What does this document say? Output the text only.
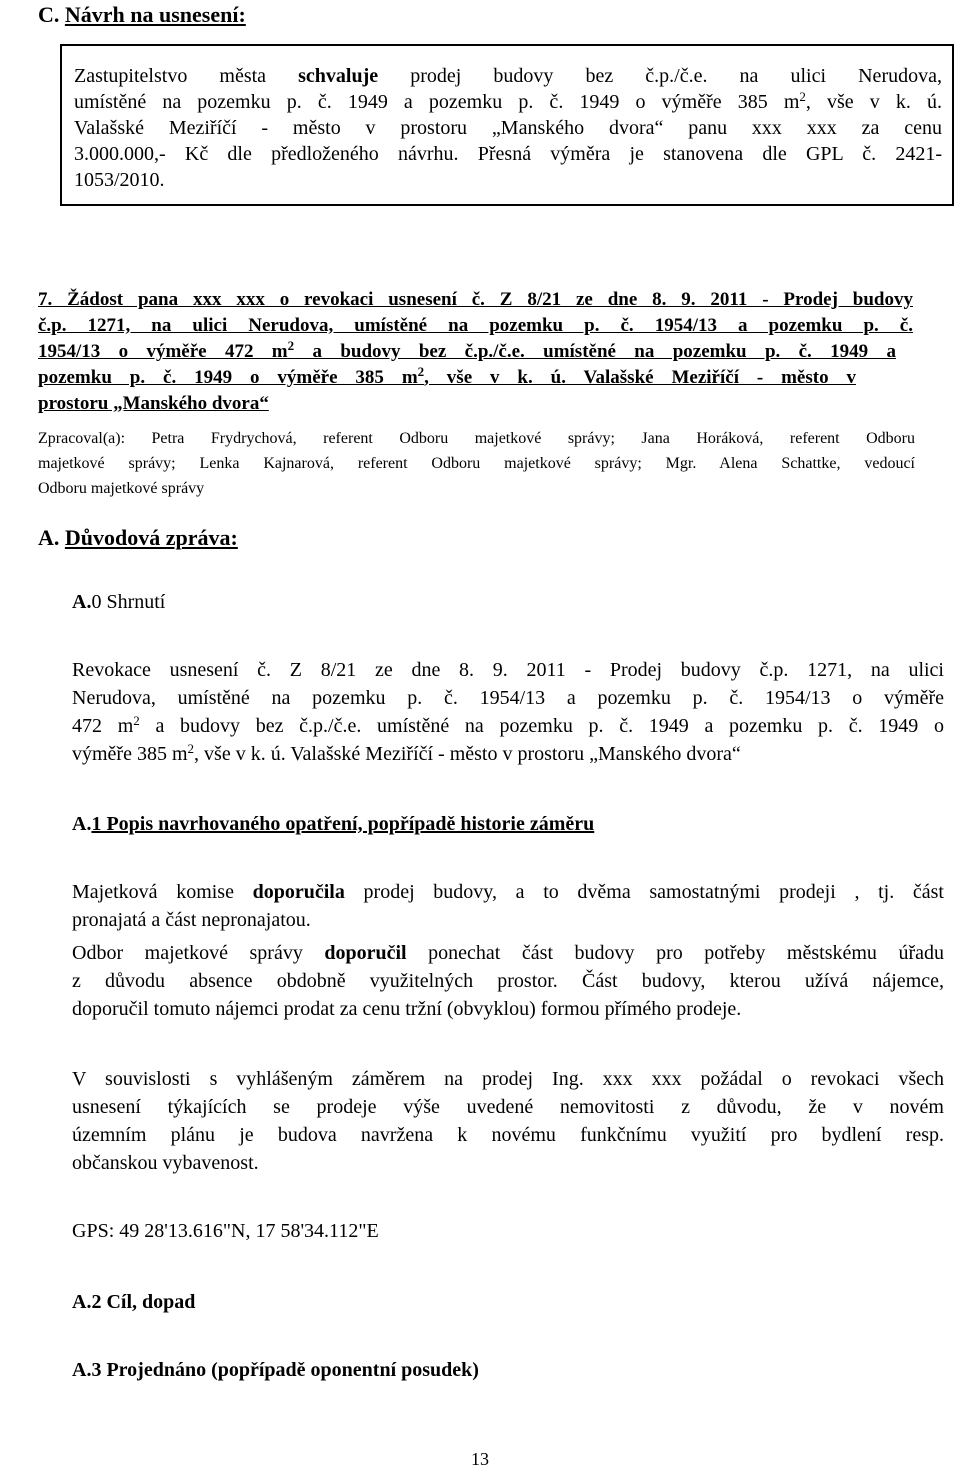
C. Návrh na usnesení:
Zastupitelstvo města schvaluje prodej budovy bez č.p./č.e. na ulici Nerudova,
umístěné na pozemku p. č. 1949 a pozemku p. č. 1949 o výměře 385 $m^2$, vše v k. ú.
Valašské Meziříčí - město v prostoru „Manského dvora“ panu xxx xxx za cenu
3.000.000,- Kč dle předloženého návrhu. Přesná výměra je stanovena dle GPL č. 2421-
1053/2010.
7. Žádost pana xxx xxx o revokaci usnesení č. Z 8/21 ze dne 8. 9. 2011 - Prodej budovy
č.p. 1271, na ulici Nerudova, umístěné na pozemku p. č. 1954/13 a pozemku p. č.
1954/13 o výměře 472 $m^2$ a budovy bez č.p./č.e. umístěné na pozemku p. č. 1949 a
pozemku p. č. 1949 o výměře 385 $m^2$, vše v k. ú. Valašské Meziříčí - město v
prostoru „Manského dvora“
Zpracoval(a): Petra Frydrychová, referent Odboru majetkové správy; Jana Horáková, referent Odboru
majetkové správy; Lenka Kajnarová, referent Odboru majetkové správy; Mgr. Alena Schattke, vedoucí
Odboru majetkové správy
A. Důvodová zpráva:
A.0 Shrnutí
Revokace usnesení č. Z 8/21 ze dne 8. 9. 2011 - Prodej budovy č.p. 1271, na ulici
Nerudova, umístěné na pozemku p. č. 1954/13 a pozemku p. č. 1954/13 o výměře
472 $m^2$ a budovy bez č.p./č.e. umístěné na pozemku p. č. 1949 a pozemku p. č. 1949 o
výměře 385 $m^2$, vše v k. ú. Valašské Meziříčí - město v prostoru „Manského dvora“
A.1 Popis navrhovaného opatření, popřípadě historie záměru
Majetková komise doporučila prodej budovy, a to dvěma samostatnými prodeji , tj. část
pronajatá a část nepronajatou.
Odbor majetkové správy doporučil ponechat část budovy pro potřeby městskému úřadu
z důvodu absence obdobně využitelných prostor. Část budovy, kterou užívá nájemce,
doporučil tomuto nájemci prodat za cenu tržní (obvyklou) formou přímého prodeje.
V souvislosti s vyhlášeným záměrem na prodej Ing. xxx xxx požádal o revokaci všech
usnesení týkajících se prodeje výše uvedené nemovitosti z důvodu, že v novém
územním plánu je budova navržena k novému funkčnímu využití pro bydlení resp.
občanskou vybavenost.
GPS: 49 28'13.616"N, 17 58'34.112"E
A.2 Cíl, dopad
A.3 Projednáno (popřípadě oponentní posudek)
13
